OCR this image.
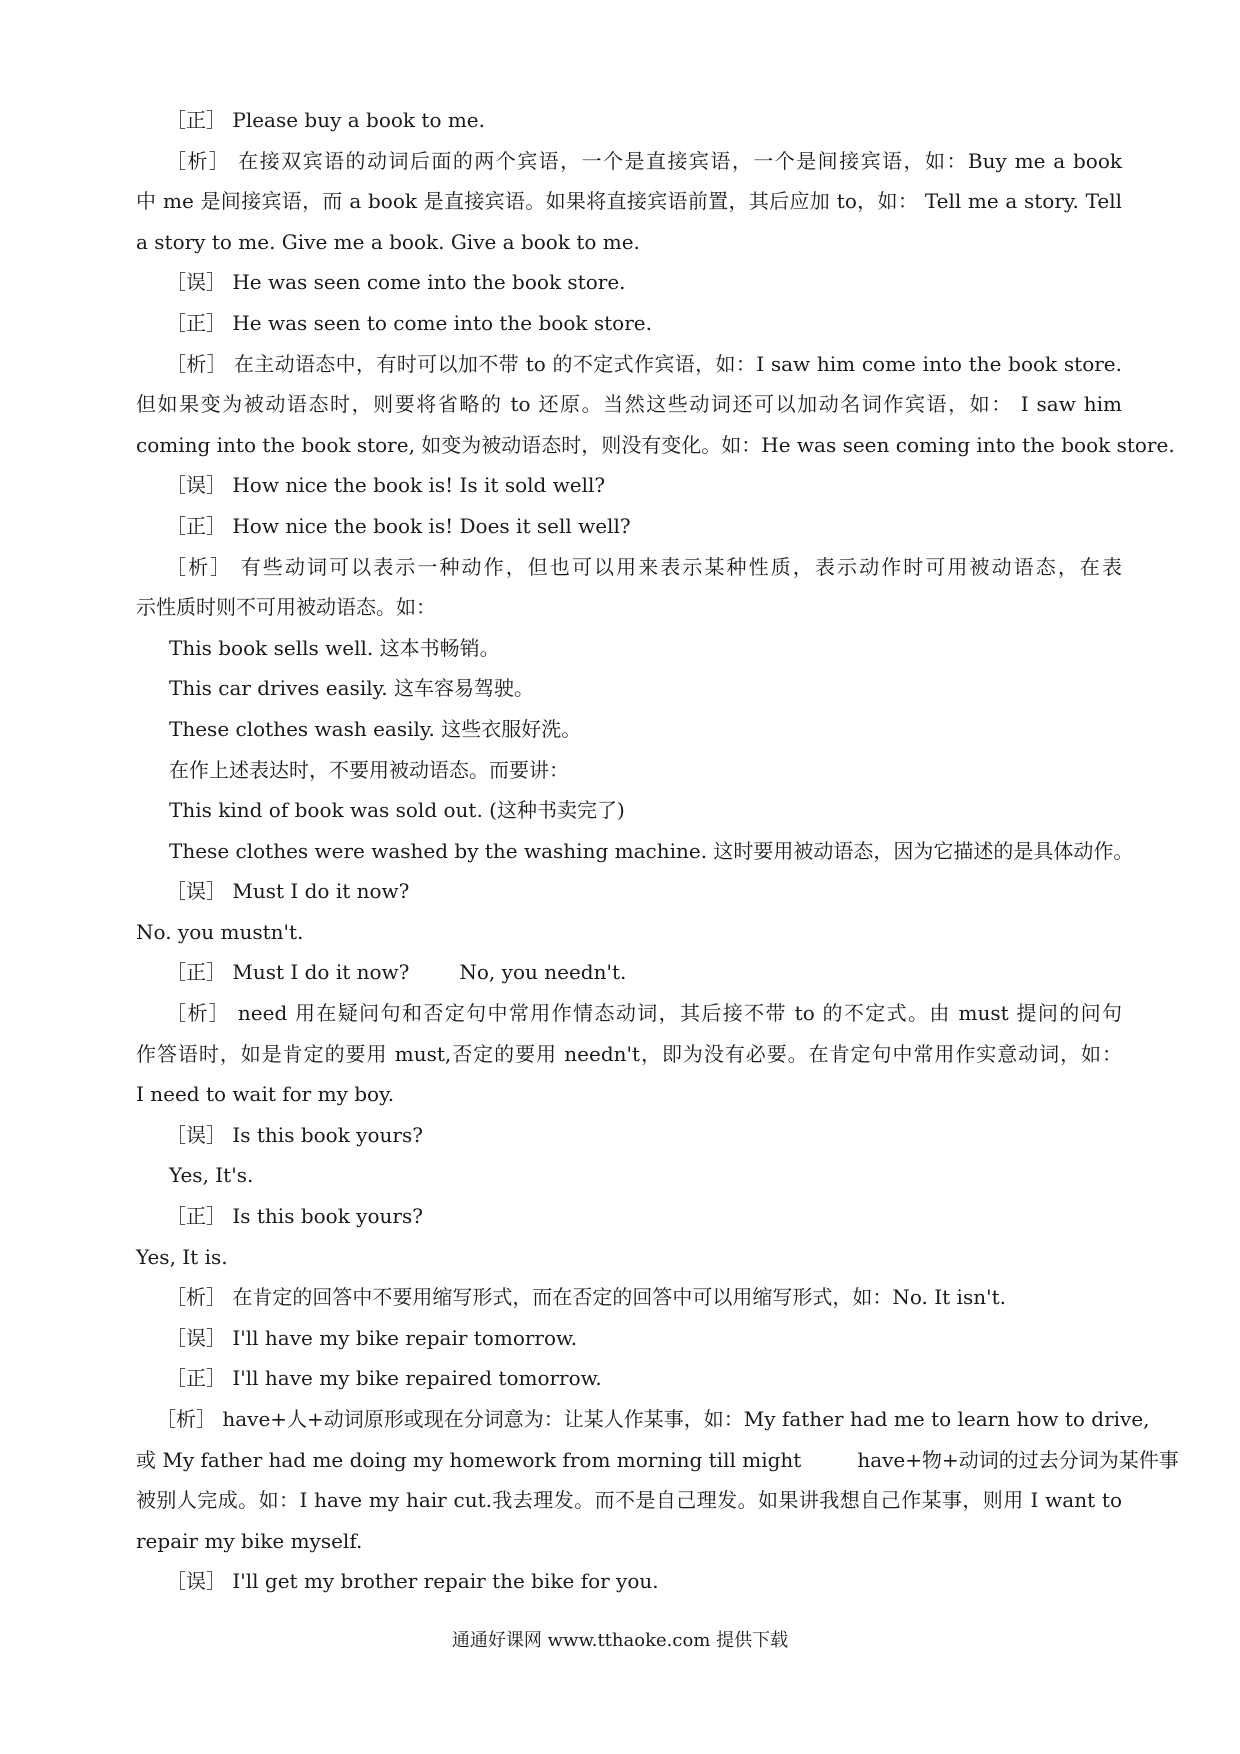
［正］ Please buy a book to me.
［析］ 在接双宾语的动词后面的两个宾语，一个是直接宾语，一个是间接宾语，如：Buy me a book
中 me 是间接宾语，而 a book 是直接宾语。如果将直接宾语前置，其后应加 to，如： Tell me a story. Tell
a story to me. Give me a book. Give a book to me.
［误］ He was seen come into the book store.
［正］ He was seen to come into the book store.
［析］ 在主动语态中，有时可以加不带 to 的不定式作宾语，如：I saw him come into the book store.
但如果变为被动语态时，则要将省略的 to 还原。当然这些动词还可以加动名词作宾语，如： I saw him
coming into the book store, 如变为被动语态时，则没有变化。如：He was seen coming into the book store.
［误］ How nice the book is! Is it sold well?
［正］ How nice the book is! Does it sell well?
［析］ 有些动词可以表示一种动作，但也可以用来表示某种性质，表示动作时可用被动语态，在表
示性质时则不可用被动语态。如：
This book sells well. 这本书畅销。
This car drives easily. 这车容易驾驶。
These clothes wash easily. 这些衣服好洗。
在作上述表达时，不要用被动语态。而要讲：
This kind of book was sold out. (这种书卖完了)
These clothes were washed by the washing machine. 这时要用被动语态，因为它描述的是具体动作。
［误］ Must I do it now?
No. you mustn't.
［正］ Must I do it now?	No, you needn't.
［析］ need 用在疑问句和否定句中常用作情态动词，其后接不带 to 的不定式。由 must 提问的问句
作答语时，如是肯定的要用 must,否定的要用 needn't，即为没有必要。在肯定句中常用作实意动词，如：
I need to wait for my boy.
［误］ Is this book yours?
Yes, It's.
［正］ Is this book yours?
Yes, It is.
［析］ 在肯定的回答中不要用缩写形式，而在否定的回答中可以用缩写形式，如：No. It isn't.
［误］ I'll have my bike repair tomorrow.
［正］ I'll have my bike repaired tomorrow.
［析］ have+人+动词原形或现在分词意为：让某人作某事，如：My father had me to learn how to drive,
或 My father had me doing my homework from morning till might	have+物+动词的过去分词为某件事
被别人完成。如：I have my hair cut.我去理发。而不是自己理发。如果讲我想自己作某事，则用 I want to
repair my bike myself.
［误］ I'll get my brother repair the bike for you.
通通好课网 www.tthaoke.com 提供下载
